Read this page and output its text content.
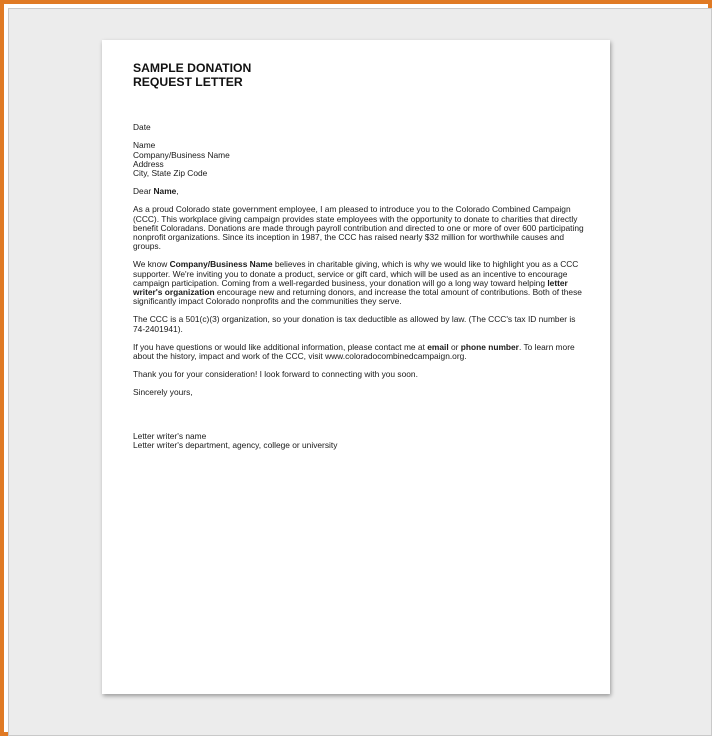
SAMPLE DONATION
REQUEST LETTER

Date

Name
Company/Business Name
Address
City, State Zip Code

Dear Name,

As a proud Colorado state government employee, I am pleased to introduce you to the Colorado Combined Campaign (CCC). This workplace giving campaign provides state employees with the opportunity to donate to charities that directly benefit Coloradans. Donations are made through payroll contribution and directed to one or more of over 600 participating nonprofit organizations. Since its inception in 1987, the CCC has raised nearly $32 million for worthwhile causes and groups.

We know Company/Business Name believes in charitable giving, which is why we would like to highlight you as a CCC supporter. We're inviting you to donate a product, service or gift card, which will be used as an incentive to encourage campaign participation. Coming from a well-regarded business, your donation will go a long way toward helping letter writer's organization encourage new and returning donors, and increase the total amount of contributions. Both of these significantly impact Colorado nonprofits and the communities they serve.

The CCC is a 501(c)(3) organization, so your donation is tax deductible as allowed by law. (The CCC's tax ID number is 74-2401941).

If you have questions or would like additional information, please contact me at email or phone number. To learn more about the history, impact and work of the CCC, visit www.coloradocombinedcampaign.org.

Thank you for your consideration! I look forward to connecting with you soon.

Sincerely yours,

Letter writer's name
Letter writer's department, agency, college or university
